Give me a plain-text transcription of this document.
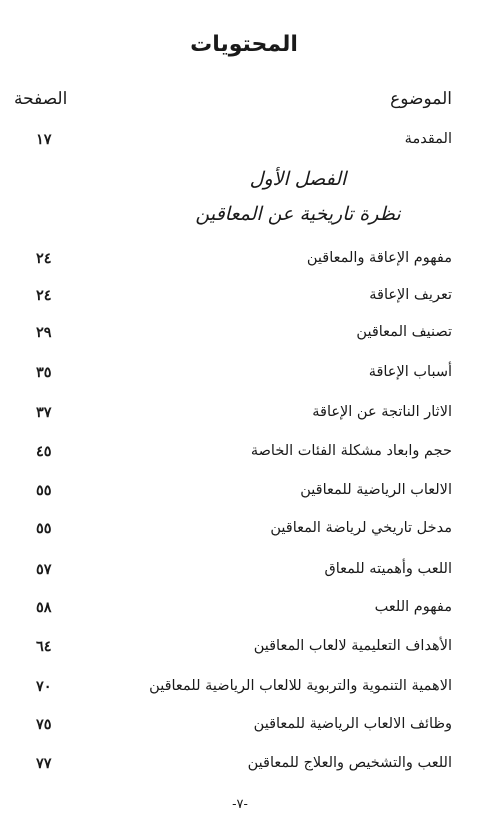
المحتويات
الموضوع
الصفحة
المقدمة
١٧
الفصل الأول
نظرة تاريخية عن المعاقين
مفهوم الإعاقة والمعاقين
٢٤
تعريف الإعاقة
٢٤
تصنيف المعاقين
٢٩
أسباب الإعاقة
٣٥
الاثار الناتجة عن الإعاقة
٣٧
حجم وابعاد مشكلة الفئات الخاصة
٤٥
الالعاب الرياضية للمعاقين
٥٥
مدخل تاريخي لرياضة المعاقين
٥٥
اللعب وأهميته للمعاق
٥٧
مفهوم اللعب
٥٨
الأهداف التعليمية لالعاب المعاقين
٦٤
الاهمية التنموية والتربوية للالعاب الرياضية للمعاقين
٧٠
وظائف الالعاب الرياضية للمعاقين
٧٥
اللعب والتشخيص والعلاج للمعاقين
٧٧
-٧-
